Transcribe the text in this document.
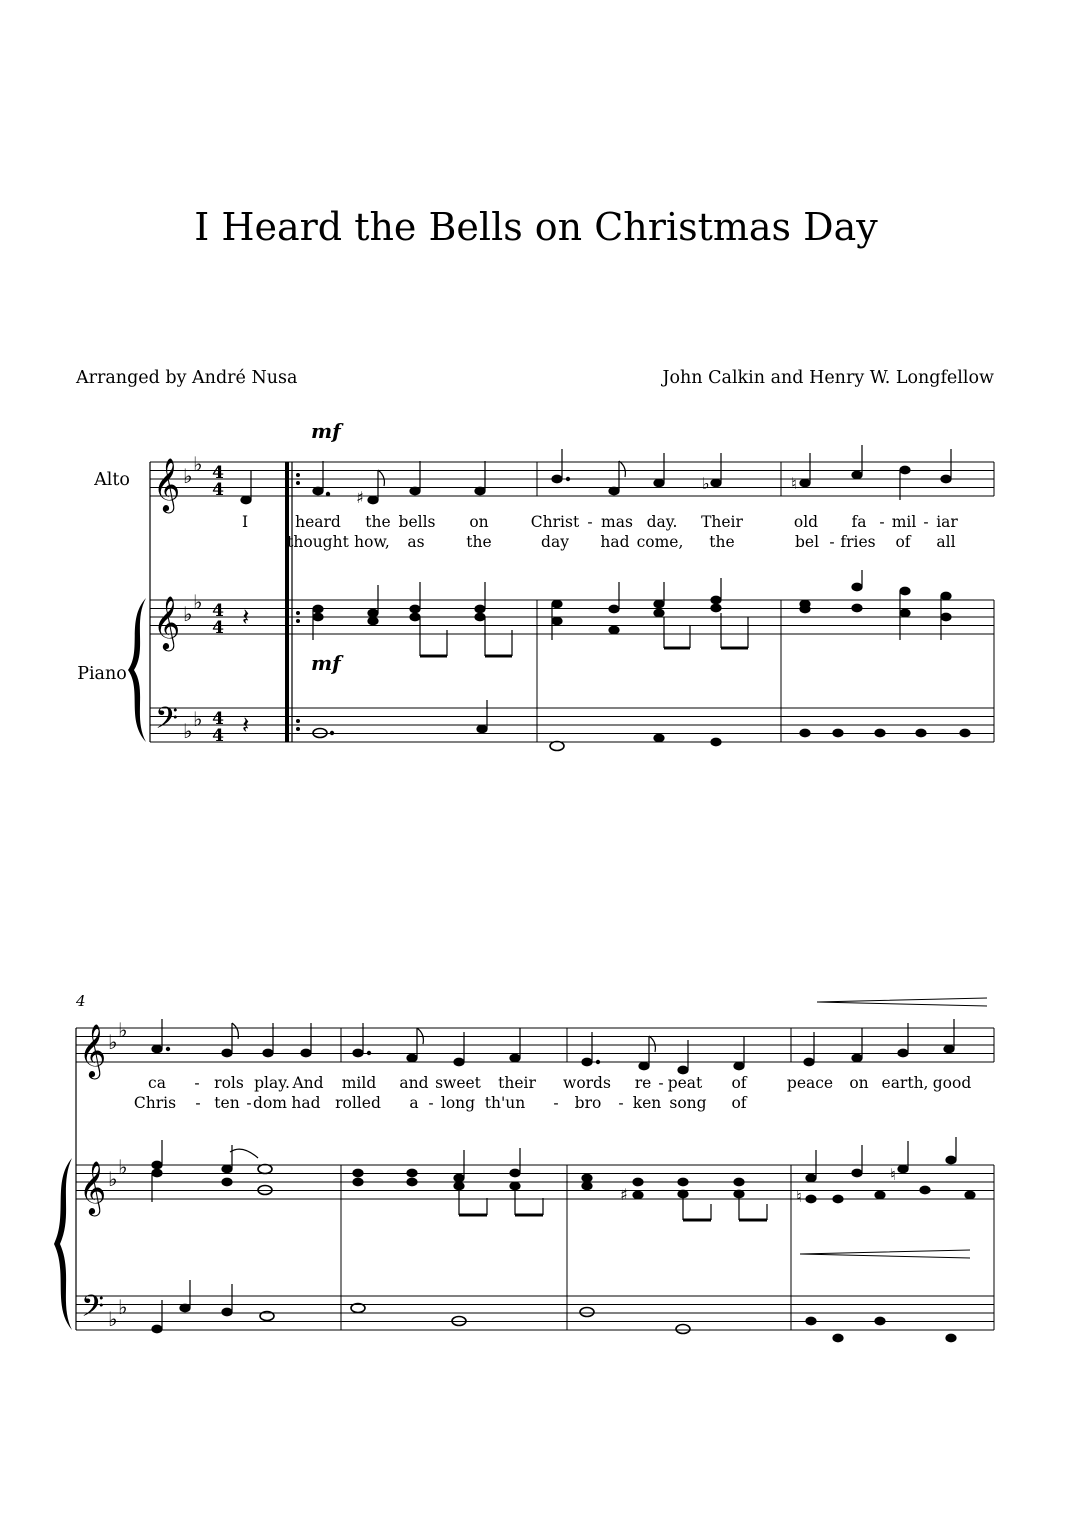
I Heard the Bells on Christmas Day
Arranged by André Nusa	John Calkin and Henry W. Longfellow
Alto
Piano
𝄞
𝄞
𝄢
♭ ♭
♭ ♭
♭ ♭
4
4
4
4
4
4
mf
mf
♯
♭	♮
𝄽
𝄽
I	heard the bells on	Christ - mas day. Their	old fa - mil - iar
thought how, as	the	day had come, the	bel - fries of all
4
𝄞
𝄞
𝄢
♭ ♭
♭ ♭
♭ ♭
♯	♮
♮
ca - rols play. And mild and sweet their words re - peat of	peace on earth, good
Chris - ten - dom had rolled a - long th'un - bro - ken song of
